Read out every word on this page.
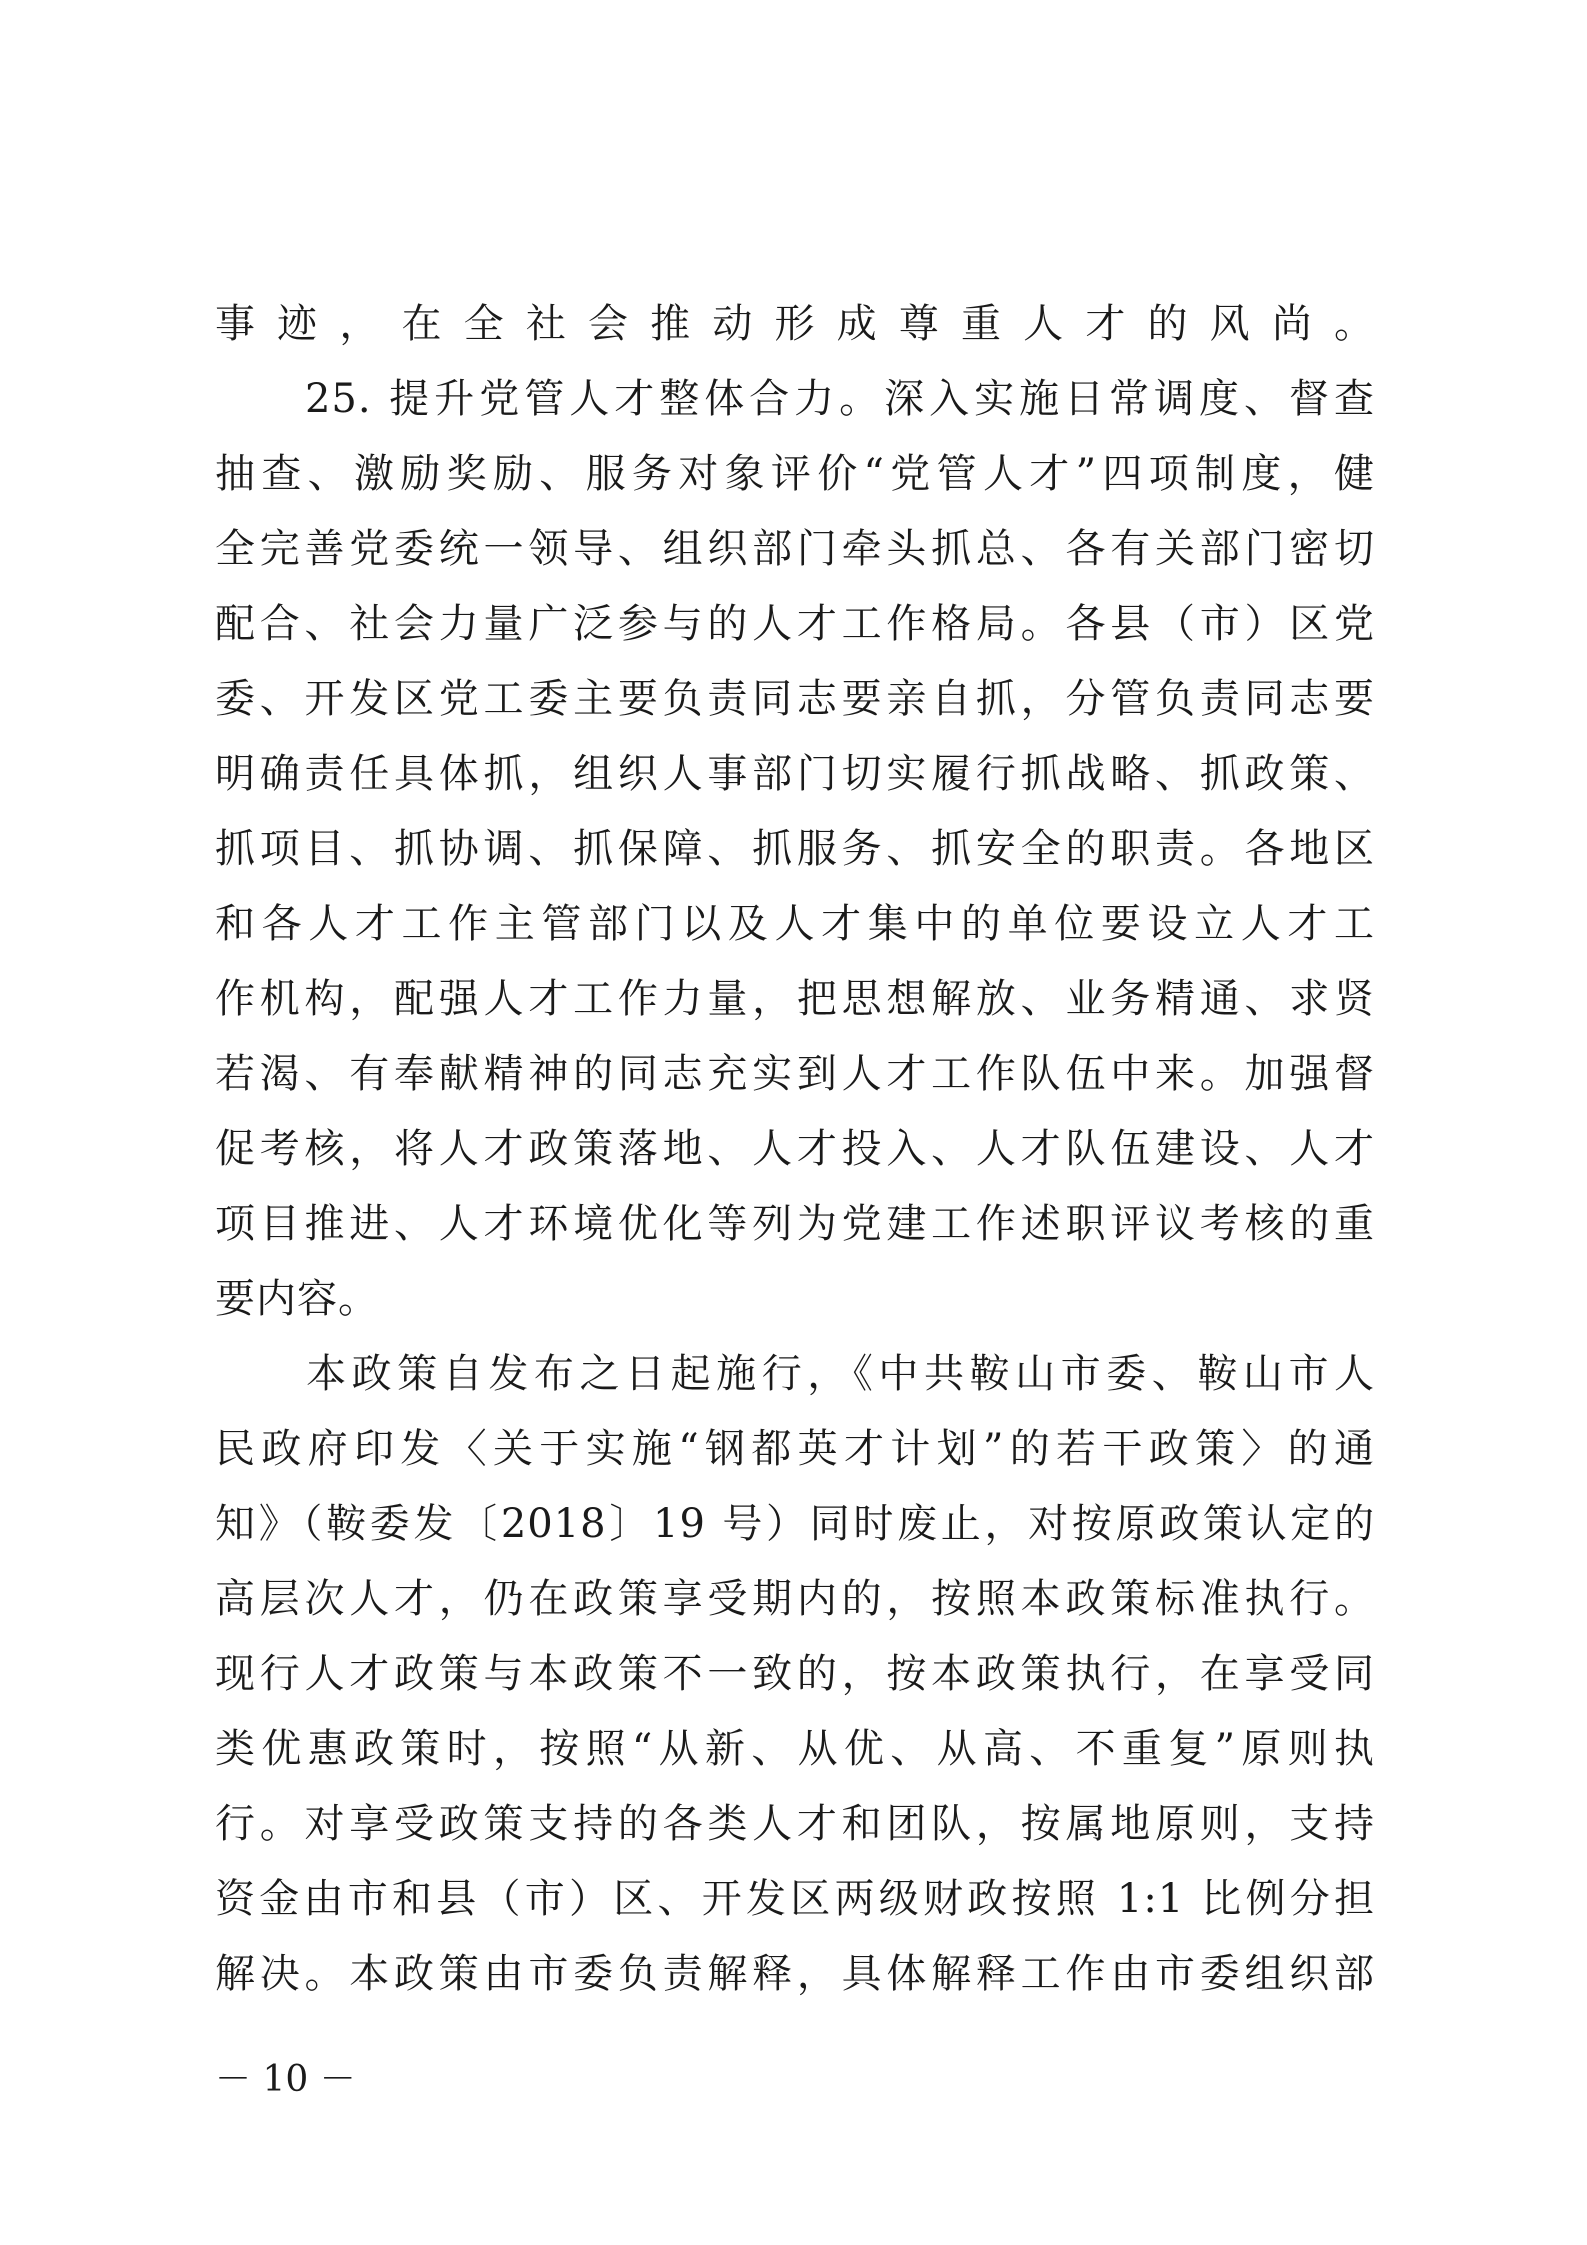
事迹，在全社会推动形成尊重人才的风尚。
　　25. 提升党管人才整体合力。深入实施日常调度、督查
抽查、激励奖励、服务对象评价“党管人才”四项制度，健
全完善党委统一领导、组织部门牵头抓总、各有关部门密切
配合、社会力量广泛参与的人才工作格局。各县（市）区党
委、开发区党工委主要负责同志要亲自抓，分管负责同志要
明确责任具体抓，组织人事部门切实履行抓战略、抓政策、
抓项目、抓协调、抓保障、抓服务、抓安全的职责。各地区
和各人才工作主管部门以及人才集中的单位要设立人才工
作机构，配强人才工作力量，把思想解放、业务精通、求贤
若渴、有奉献精神的同志充实到人才工作队伍中来。加强督
促考核，将人才政策落地、人才投入、人才队伍建设、人才
项目推进、人才环境优化等列为党建工作述职评议考核的重
要内容。
　　本政策自发布之日起施行，《中共鞍山市委、鞍山市人
民政府印发〈关于实施“钢都英才计划”的若干政策〉的通
知》（鞍委发〔2018〕19 号）同时废止，对按原政策认定的
高层次人才，仍在政策享受期内的，按照本政策标准执行。
现行人才政策与本政策不一致的，按本政策执行，在享受同
类优惠政策时，按照“从新、从优、从高、不重复”原则执
行。对享受政策支持的各类人才和团队，按属地原则，支持
资金由市和县（市）区、开发区两级财政按照 1:1 比例分担
解决。本政策由市委负责解释，具体解释工作由市委组织部
－ 10 －
